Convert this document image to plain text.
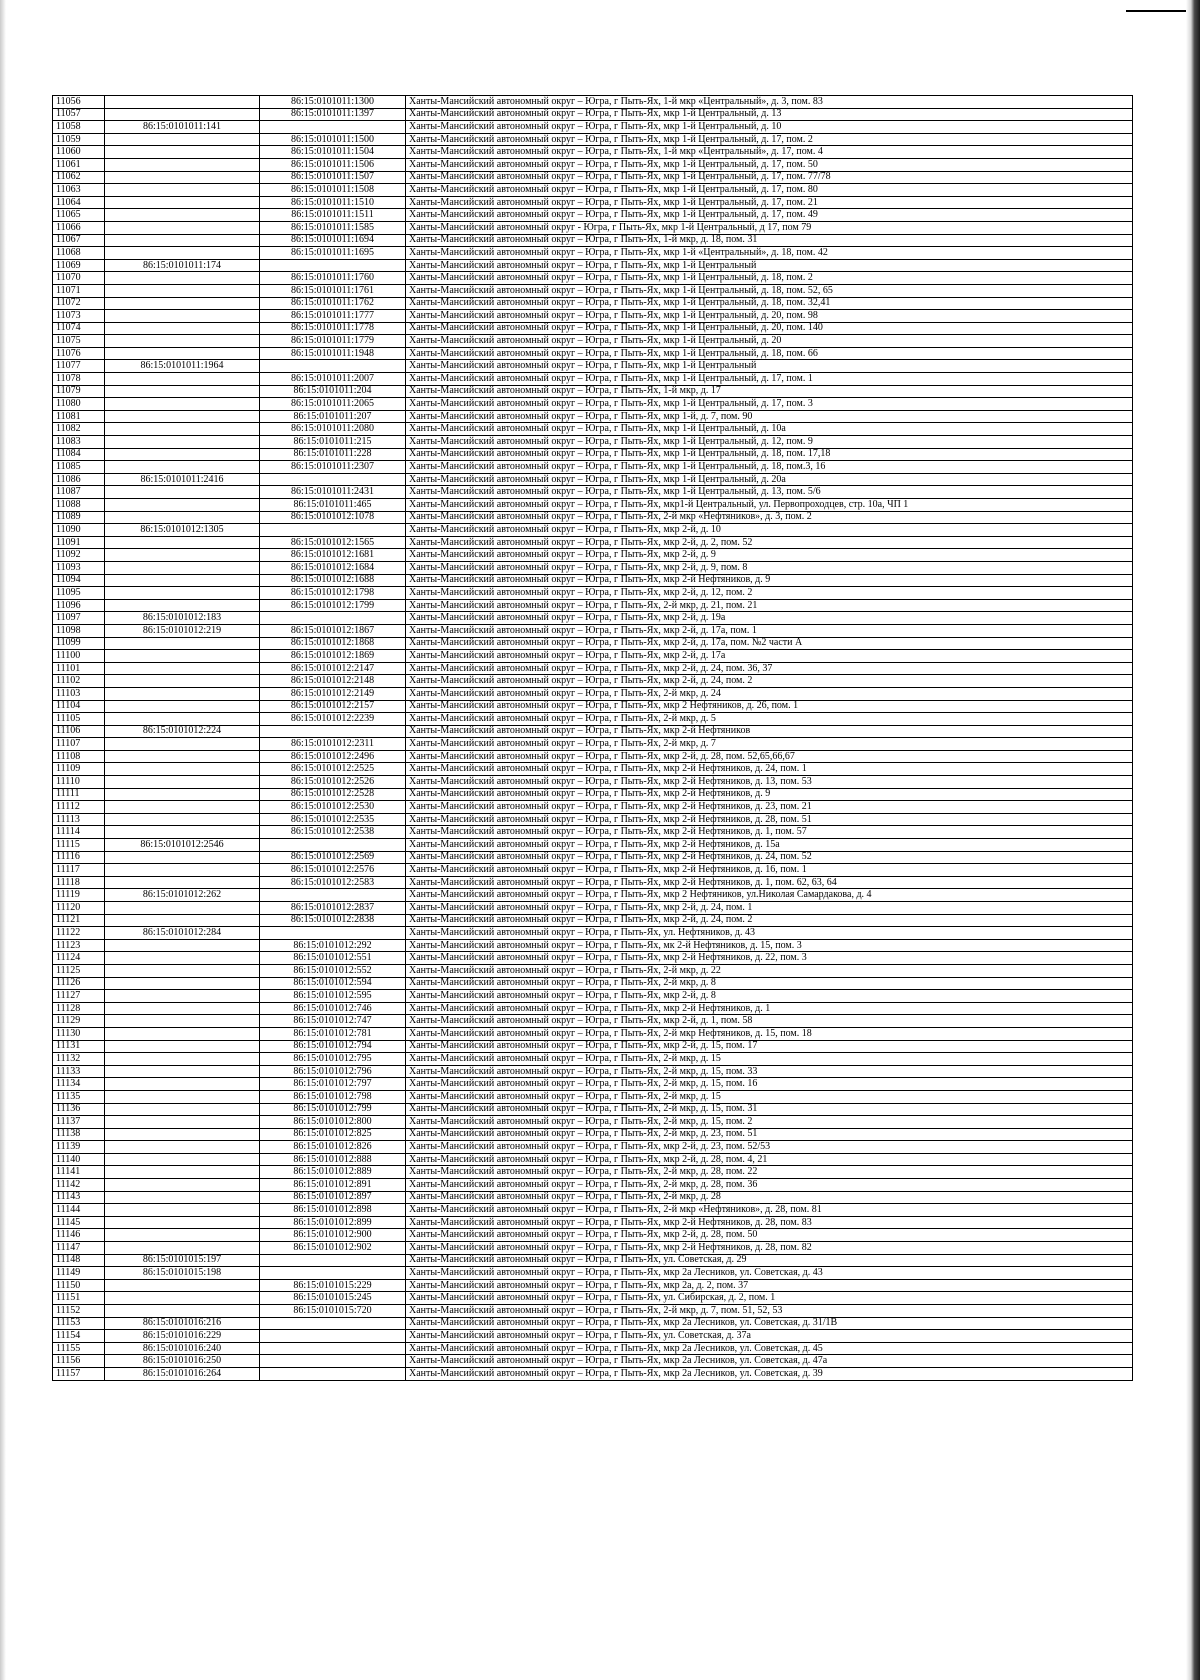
11056		86:15:0101011:1300	Ханты-Мансийский автономный округ – Югра, г Пыть-Ях, 1-й мкр «Центральный», д. 3, пом. 83
11057		86:15:0101011:1397	Ханты-Мансийский автономный округ – Югра, г Пыть-Ях, мкр 1-й Центральный, д. 13
11058	86:15:0101011:141		Ханты-Мансийский автономный округ – Югра, г Пыть-Ях, мкр 1-й Центральный, д. 10
11059		86:15:0101011:1500	Ханты-Мансийский автономный округ – Югра, г Пыть-Ях, мкр 1-й Центральный, д. 17, пом. 2
11060		86:15:0101011:1504	Ханты-Мансийский автономный округ – Югра, г Пыть-Ях, 1-й мкр «Центральный», д. 17, пом. 4
11061		86:15:0101011:1506	Ханты-Мансийский автономный округ – Югра, г Пыть-Ях, мкр 1-й Центральный, д. 17, пом. 50
11062		86:15:0101011:1507	Ханты-Мансийский автономный округ – Югра, г Пыть-Ях, мкр 1-й Центральный, д. 17, пом. 77/78
11063		86:15:0101011:1508	Ханты-Мансийский автономный округ – Югра, г Пыть-Ях, мкр 1-й Центральный, д. 17, пом. 80
11064		86:15:0101011:1510	Ханты-Мансийский автономный округ – Югра, г Пыть-Ях, мкр 1-й Центральный, д. 17, пом. 21
11065		86:15:0101011:1511	Ханты-Мансийский автономный округ – Югра, г Пыть-Ях, мкр 1-й Центральный, д. 17, пом. 49
11066		86:15:0101011:1585	Ханты-Мансийский автономный округ - Югра, г Пыть-Ях, мкр 1-й Центральный, д 17, пом 79
11067		86:15:0101011:1694	Ханты-Мансийский автономный округ – Югра, г Пыть-Ях, 1-й мкр, д. 18, пом. 31
11068		86:15:0101011:1695	Ханты-Мансийский автономный округ – Югра, г Пыть-Ях, мкр 1-й «Центральный», д. 18, пом. 42
11069	86:15:0101011:174		Ханты-Мансийский автономный округ – Югра, г Пыть-Ях, мкр 1-й Центральный
11070		86:15:0101011:1760	Ханты-Мансийский автономный округ – Югра, г Пыть-Ях, мкр 1-й Центральный, д. 18, пом. 2
11071		86:15:0101011:1761	Ханты-Мансийский автономный округ – Югра, г Пыть-Ях, мкр 1-й Центральный, д. 18, пом. 52, 65
11072		86:15:0101011:1762	Ханты-Мансийский автономный округ – Югра, г Пыть-Ях, мкр 1-й Центральный, д. 18, пом. 32,41
11073		86:15:0101011:1777	Ханты-Мансийский автономный округ – Югра, г Пыть-Ях, мкр 1-й Центральный, д. 20, пом. 98
11074		86:15:0101011:1778	Ханты-Мансийский автономный округ – Югра, г Пыть-Ях, мкр 1-й Центральный, д. 20, пом. 140
11075		86:15:0101011:1779	Ханты-Мансийский автономный округ – Югра, г Пыть-Ях, мкр 1-й Центральный, д. 20
11076		86:15:0101011:1948	Ханты-Мансийский автономный округ – Югра, г Пыть-Ях, мкр 1-й Центральный, д. 18, пом. 66
11077	86:15:0101011:1964		Ханты-Мансийский автономный округ – Югра, г Пыть-Ях, мкр 1-й Центральный
11078		86:15:0101011:2007	Ханты-Мансийский автономный округ – Югра, г Пыть-Ях, мкр 1-й Центральный, д. 17, пом. 1
11079		86:15:0101011:204	Ханты-Мансийский автономный округ – Югра, г Пыть-Ях, 1-й мкр, д. 17
11080		86:15:0101011:2065	Ханты-Мансийский автономный округ – Югра, г Пыть-Ях, мкр 1-й Центральный, д. 17, пом. 3
11081		86:15:0101011:207	Ханты-Мансийский автономный округ – Югра, г Пыть-Ях, мкр 1-й, д. 7, пом. 90
11082		86:15:0101011:2080	Ханты-Мансийский автономный округ – Югра, г Пыть-Ях, мкр 1-й Центральный, д. 10а
11083		86:15:0101011:215	Ханты-Мансийский автономный округ – Югра, г Пыть-Ях, мкр 1-й Центральный, д. 12, пом. 9
11084		86:15:0101011:228	Ханты-Мансийский автономный округ – Югра, г Пыть-Ях, мкр 1-й Центральный, д. 18, пом. 17,18
11085		86:15:0101011:2307	Ханты-Мансийский автономный округ – Югра, г Пыть-Ях, мкр 1-й Центральный, д. 18, пом.3, 16
11086	86:15:0101011:2416		Ханты-Мансийский автономный округ – Югра, г Пыть-Ях, мкр 1-й Центральный, д. 20а
11087		86:15:0101011:2431	Ханты-Мансийский автономный округ – Югра, г Пыть-Ях, мкр 1-й Центральный, д. 13, пом. 5/6
11088		86:15:0101011:465	Ханты-Мансийский автономный округ – Югра, г Пыть-Ях, мкр1-й Центральный, ул. Первопроходцев, стр. 10а, ЧП 1
11089		86:15:0101012:1078	Ханты-Мансийский автономный округ – Югра, г Пыть-Ях, 2-й мкр «Нефтяников», д. 3, пом. 2
11090	86:15:0101012:1305		Ханты-Мансийский автономный округ – Югра, г Пыть-Ях, мкр 2-й, д. 10
11091		86:15:0101012:1565	Ханты-Мансийский автономный округ – Югра, г Пыть-Ях, мкр 2-й, д. 2, пом. 52
11092		86:15:0101012:1681	Ханты-Мансийский автономный округ – Югра, г Пыть-Ях, мкр 2-й, д. 9
11093		86:15:0101012:1684	Ханты-Мансийский автономный округ – Югра, г Пыть-Ях, мкр 2-й, д. 9, пом. 8
11094		86:15:0101012:1688	Ханты-Мансийский автономный округ – Югра, г Пыть-Ях, мкр 2-й Нефтяников, д. 9
11095		86:15:0101012:1798	Ханты-Мансийский автономный округ – Югра, г Пыть-Ях, мкр 2-й, д. 12, пом. 2
11096		86:15:0101012:1799	Ханты-Мансийский автономный округ – Югра, г Пыть-Ях, 2-й мкр, д. 21, пом. 21
11097	86:15:0101012:183		Ханты-Мансийский автономный округ – Югра, г Пыть-Ях, мкр 2-й, д. 19а
11098	86:15:0101012:219	86:15:0101012:1867	Ханты-Мансийский автономный округ – Югра, г Пыть-Ях, мкр 2-й, д. 17а, пом. 1
11099		86:15:0101012:1868	Ханты-Мансийский автономный округ – Югра, г Пыть-Ях, мкр 2-й, д. 17а, пом. №2 части А
11100		86:15:0101012:1869	Ханты-Мансийский автономный округ – Югра, г Пыть-Ях, мкр 2-й, д. 17а
11101		86:15:0101012:2147	Ханты-Мансийский автономный округ – Югра, г Пыть-Ях, мкр 2-й, д. 24, пом. 36, 37
11102		86:15:0101012:2148	Ханты-Мансийский автономный округ – Югра, г Пыть-Ях, мкр 2-й, д. 24, пом. 2
11103		86:15:0101012:2149	Ханты-Мансийский автономный округ – Югра, г Пыть-Ях, 2-й мкр, д. 24
11104		86:15:0101012:2157	Ханты-Мансийский автономный округ – Югра, г Пыть-Ях, мкр 2 Нефтяников, д. 26, пом. 1
11105		86:15:0101012:2239	Ханты-Мансийский автономный округ – Югра, г Пыть-Ях, 2-й мкр, д. 5
11106	86:15:0101012:224		Ханты-Мансийский автономный округ – Югра, г Пыть-Ях, мкр 2-й Нефтяников
11107		86:15:0101012:2311	Ханты-Мансийский автономный округ – Югра, г Пыть-Ях, 2-й мкр, д. 7
11108		86:15:0101012:2496	Ханты-Мансийский автономный округ – Югра, г Пыть-Ях, мкр 2-й, д. 28, пом. 52,65,66,67
11109		86:15:0101012:2525	Ханты-Мансийский автономный округ – Югра, г Пыть-Ях, мкр 2-й Нефтяников, д. 24, пом. 1
11110		86:15:0101012:2526	Ханты-Мансийский автономный округ – Югра, г Пыть-Ях, мкр 2-й Нефтяников, д. 13, пом. 53
11111		86:15:0101012:2528	Ханты-Мансийский автономный округ – Югра, г Пыть-Ях, мкр 2-й Нефтяников, д. 9
11112		86:15:0101012:2530	Ханты-Мансийский автономный округ – Югра, г Пыть-Ях, мкр 2-й Нефтяников, д. 23, пом. 21
11113		86:15:0101012:2535	Ханты-Мансийский автономный округ – Югра, г Пыть-Ях, мкр 2-й Нефтяников, д. 28, пом. 51
11114		86:15:0101012:2538	Ханты-Мансийский автономный округ – Югра, г Пыть-Ях, мкр 2-й Нефтяников, д. 1, пом. 57
11115	86:15:0101012:2546		Ханты-Мансийский автономный округ – Югра, г Пыть-Ях, мкр 2-й Нефтяников, д. 15а
11116		86:15:0101012:2569	Ханты-Мансийский автономный округ – Югра, г Пыть-Ях, мкр 2-й Нефтяников, д. 24, пом. 52
11117		86:15:0101012:2576	Ханты-Мансийский автономный округ – Югра, г Пыть-Ях, мкр 2-й Нефтяников, д. 16, пом. 1
11118		86:15:0101012:2583	Ханты-Мансийский автономный округ – Югра, г Пыть-Ях, мкр 2-й Нефтяников, д. 1, пом. 62, 63, 64
11119	86:15:0101012:262		Ханты-Мансийский автономный округ – Югра, г Пыть-Ях, мкр 2 Нефтяников, ул.Николая Самардакова, д. 4
11120		86:15:0101012:2837	Ханты-Мансийский автономный округ – Югра, г Пыть-Ях, мкр 2-й, д. 24, пом. 1
11121		86:15:0101012:2838	Ханты-Мансийский автономный округ – Югра, г Пыть-Ях, мкр 2-й, д. 24, пом. 2
11122	86:15:0101012:284		Ханты-Мансийский автономный округ – Югра, г Пыть-Ях, ул. Нефтяников, д. 43
11123		86:15:0101012:292	Ханты-Мансийский автономный округ – Югра, г Пыть-Ях, мк 2-й Нефтяников, д. 15, пом. 3
11124		86:15:0101012:551	Ханты-Мансийский автономный округ – Югра, г Пыть-Ях, мкр 2-й Нефтяников, д. 22, пом. 3
11125		86:15:0101012:552	Ханты-Мансийский автономный округ – Югра, г Пыть-Ях, 2-й мкр, д. 22
11126		86:15:0101012:594	Ханты-Мансийский автономный округ – Югра, г Пыть-Ях, 2-й мкр, д. 8
11127		86:15:0101012:595	Ханты-Мансийский автономный округ – Югра, г Пыть-Ях, мкр 2-й, д. 8
11128		86:15:0101012:746	Ханты-Мансийский автономный округ – Югра, г Пыть-Ях, мкр 2-й Нефтяников, д. 1
11129		86:15:0101012:747	Ханты-Мансийский автономный округ – Югра, г Пыть-Ях, мкр 2-й, д. 1, пом. 58
11130		86:15:0101012:781	Ханты-Мансийский автономный округ – Югра, г Пыть-Ях, 2-й мкр Нефтяников, д. 15, пом. 18
11131		86:15:0101012:794	Ханты-Мансийский автономный округ – Югра, г Пыть-Ях, мкр 2-й, д. 15, пом. 17
11132		86:15:0101012:795	Ханты-Мансийский автономный округ – Югра, г Пыть-Ях, 2-й мкр, д. 15
11133		86:15:0101012:796	Ханты-Мансийский автономный округ – Югра, г Пыть-Ях, 2-й мкр, д. 15, пом. 33
11134		86:15:0101012:797	Ханты-Мансийский автономный округ – Югра, г Пыть-Ях, 2-й мкр, д. 15, пом. 16
11135		86:15:0101012:798	Ханты-Мансийский автономный округ – Югра, г Пыть-Ях, 2-й мкр, д. 15
11136		86:15:0101012:799	Ханты-Мансийский автономный округ – Югра, г Пыть-Ях, 2-й мкр, д. 15, пом. 31
11137		86:15:0101012:800	Ханты-Мансийский автономный округ – Югра, г Пыть-Ях, 2-й мкр, д. 15, пом. 2
11138		86:15:0101012:825	Ханты-Мансийский автономный округ – Югра, г Пыть-Ях, 2-й мкр, д. 23, пом. 51
11139		86:15:0101012:826	Ханты-Мансийский автономный округ – Югра, г Пыть-Ях, мкр 2-й, д. 23, пом. 52/53
11140		86:15:0101012:888	Ханты-Мансийский автономный округ – Югра, г Пыть-Ях, мкр 2-й, д. 28, пом. 4, 21
11141		86:15:0101012:889	Ханты-Мансийский автономный округ – Югра, г Пыть-Ях, 2-й мкр, д. 28, пом. 22
11142		86:15:0101012:891	Ханты-Мансийский автономный округ – Югра, г Пыть-Ях, 2-й мкр, д. 28, пом. 36
11143		86:15:0101012:897	Ханты-Мансийский автономный округ – Югра, г Пыть-Ях, 2-й мкр, д. 28
11144		86:15:0101012:898	Ханты-Мансийский автономный округ – Югра, г Пыть-Ях, 2-й мкр «Нефтяников», д. 28, пом. 81
11145		86:15:0101012:899	Ханты-Мансийский автономный округ – Югра, г Пыть-Ях, мкр 2-й Нефтяников, д. 28, пом. 83
11146		86:15:0101012:900	Ханты-Мансийский автономный округ – Югра, г Пыть-Ях, мкр 2-й, д. 28, пом. 50
11147		86:15:0101012:902	Ханты-Мансийский автономный округ – Югра, г Пыть-Ях, мкр 2-й Нефтяников, д. 28, пом. 82
11148	86:15:0101015:197		Ханты-Мансийский автономный округ – Югра, г Пыть-Ях, ул. Советская, д. 29
11149	86:15:0101015:198		Ханты-Мансийский автономный округ – Югра, г Пыть-Ях, мкр 2а Лесников, ул. Советская, д. 43
11150		86:15:0101015:229	Ханты-Мансийский автономный округ – Югра, г Пыть-Ях, мкр 2а, д. 2, пом. 37
11151		86:15:0101015:245	Ханты-Мансийский автономный округ – Югра, г Пыть-Ях, ул. Сибирская, д. 2, пом. 1
11152		86:15:0101015:720	Ханты-Мансийский автономный округ – Югра, г Пыть-Ях, 2-й мкр, д. 7, пом. 51, 52, 53
11153	86:15:0101016:216		Ханты-Мансийский автономный округ – Югра, г Пыть-Ях, мкр 2а Лесников, ул. Советская, д. 31/1В
11154	86:15:0101016:229		Ханты-Мансийский автономный округ – Югра, г Пыть-Ях, ул. Советская, д. 37а
11155	86:15:0101016:240		Ханты-Мансийский автономный округ – Югра, г Пыть-Ях, мкр 2а Лесников, ул. Советская, д. 45
11156	86:15:0101016:250		Ханты-Мансийский автономный округ – Югра, г Пыть-Ях, мкр 2а Лесников, ул. Советская, д. 47а
11157	86:15:0101016:264		Ханты-Мансийский автономный округ – Югра, г Пыть-Ях, мкр 2а Лесников, ул. Советская, д. 39
